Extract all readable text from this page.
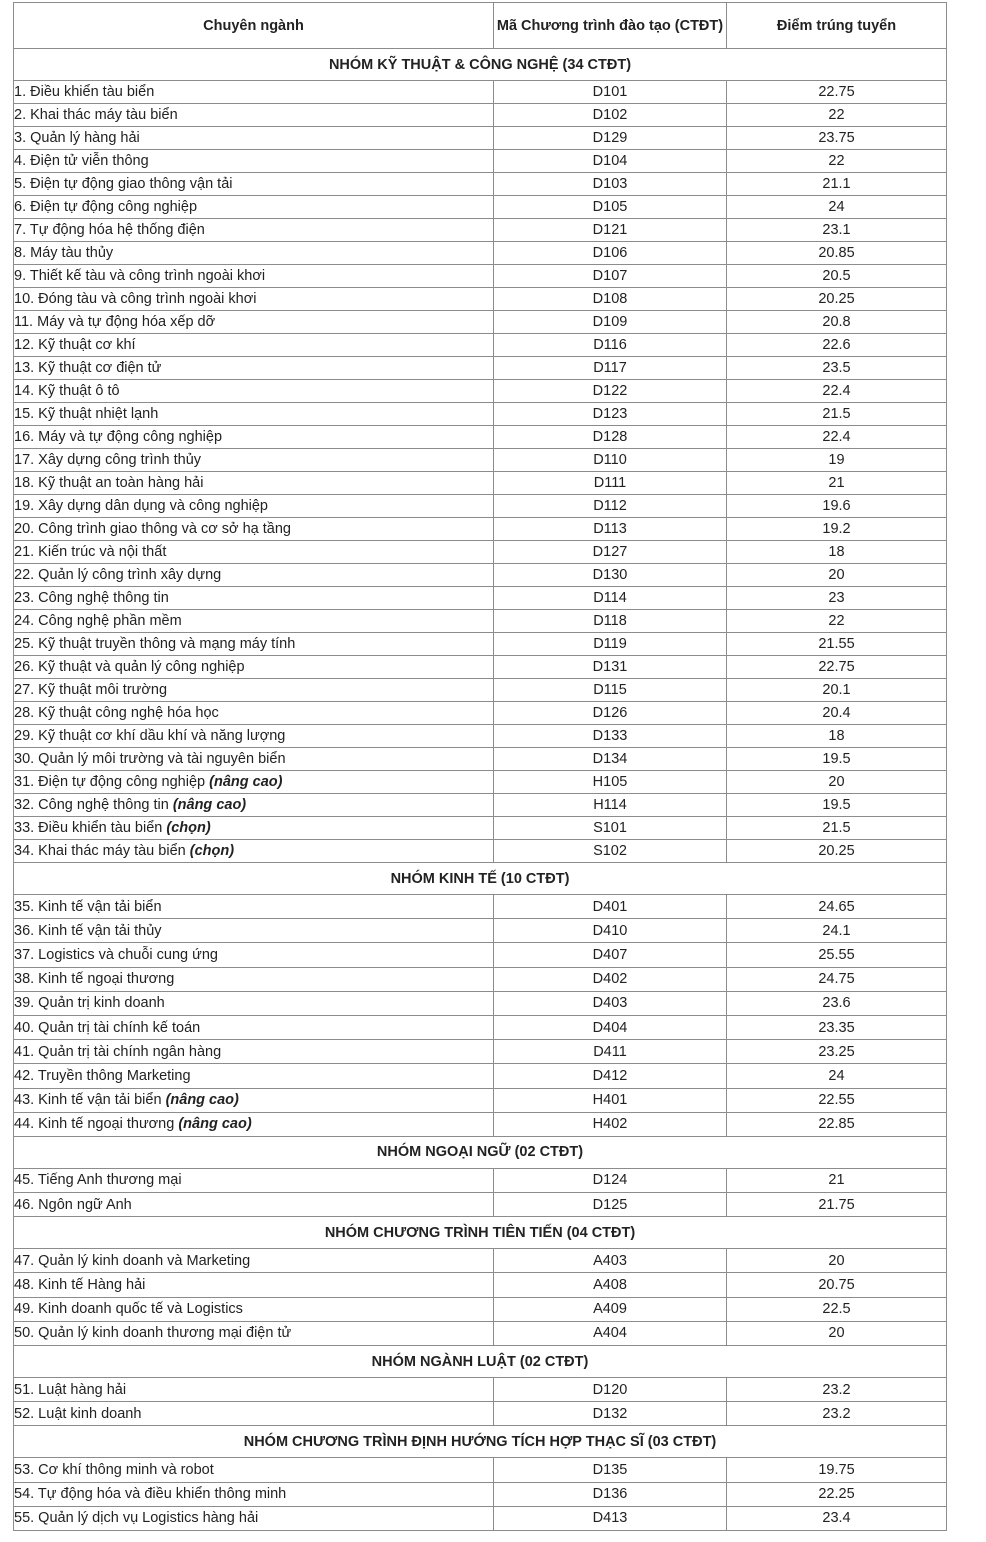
Chuyên ngành	Mã Chương trình đào tạo (CTĐT)	Điểm trúng tuyển
NHÓM KỸ THUẬT & CÔNG NGHỆ (34 CTĐT)		
1. Điều khiển tàu biển	D101	22.75
2. Khai thác máy tàu biển	D102	22
3. Quản lý hàng hải	D129	23.75
4. Điện tử viễn thông	D104	22
5. Điện tự động giao thông vận tải	D103	21.1
6. Điện tự động công nghiệp	D105	24
7. Tự động hóa hệ thống điện	D121	23.1
8. Máy tàu thủy	D106	20.85
9. Thiết kế tàu và công trình ngoài khơi	D107	20.5
10. Đóng tàu và công trình ngoài khơi	D108	20.25
11. Máy và tự động hóa xếp dỡ	D109	20.8
12. Kỹ thuật cơ khí	D116	22.6
13. Kỹ thuật cơ điện tử	D117	23.5
14. Kỹ thuật ô tô	D122	22.4
15. Kỹ thuật nhiệt lạnh	D123	21.5
16. Máy và tự động công nghiệp	D128	22.4
17. Xây dựng công trình thủy	D110	19
18. Kỹ thuật an toàn hàng hải	D111	21
19. Xây dựng dân dụng và công nghiệp	D112	19.6
20. Công trình giao thông và cơ sở hạ tầng	D113	19.2
21. Kiến trúc và nội thất	D127	18
22. Quản lý công trình xây dựng	D130	20
23. Công nghệ thông tin	D114	23
24. Công nghệ phần mềm	D118	22
25. Kỹ thuật truyền thông và mạng máy tính	D119	21.55
26. Kỹ thuật và quản lý công nghiệp	D131	22.75
27. Kỹ thuật môi trường	D115	20.1
28. Kỹ thuật công nghệ hóa học	D126	20.4
29. Kỹ thuật cơ khí dầu khí và năng lượng	D133	18
30. Quản lý môi trường và tài nguyên biển	D134	19.5
31. Điện tự động công nghiệp (nâng cao)	H105	20
32. Công nghệ thông tin (nâng cao)	H114	19.5
33. Điều khiển tàu biển (chọn)	S101	21.5
34. Khai thác máy tàu biển (chọn)	S102	20.25
NHÓM KINH TẾ (10 CTĐT)		
35. Kinh tế vận tải biển	D401	24.65
36. Kinh tế vận tải thủy	D410	24.1
37. Logistics và chuỗi cung ứng	D407	25.55
38. Kinh tế ngoại thương	D402	24.75
39. Quản trị kinh doanh	D403	23.6
40. Quản trị tài chính kế toán	D404	23.35
41. Quản trị tài chính ngân hàng	D411	23.25
42. Truyền thông Marketing	D412	24
43. Kinh tế vận tải biển (nâng cao)	H401	22.55
44. Kinh tế ngoại thương (nâng cao)	H402	22.85
NHÓM NGOẠI NGỮ (02 CTĐT)		
45. Tiếng Anh thương mại	D124	21
46. Ngôn ngữ Anh	D125	21.75
NHÓM CHƯƠNG TRÌNH TIÊN TIẾN (04 CTĐT)		
47. Quản lý kinh doanh và Marketing	A403	20
48. Kinh tế Hàng hải	A408	20.75
49. Kinh doanh quốc tế và Logistics	A409	22.5
50. Quản lý kinh doanh thương mại điện tử	A404	20
NHÓM NGÀNH LUẬT (02 CTĐT)		
51. Luật hàng hải	D120	23.2
52. Luật kinh doanh	D132	23.2
NHÓM CHƯƠNG TRÌNH ĐỊNH HƯỚNG TÍCH HỢP THẠC SĨ (03 CTĐT)		
53. Cơ khí thông minh và robot	D135	19.75
54. Tự động hóa và điều khiển thông minh	D136	22.25
55. Quản lý dịch vụ Logistics hàng hải	D413	23.4
